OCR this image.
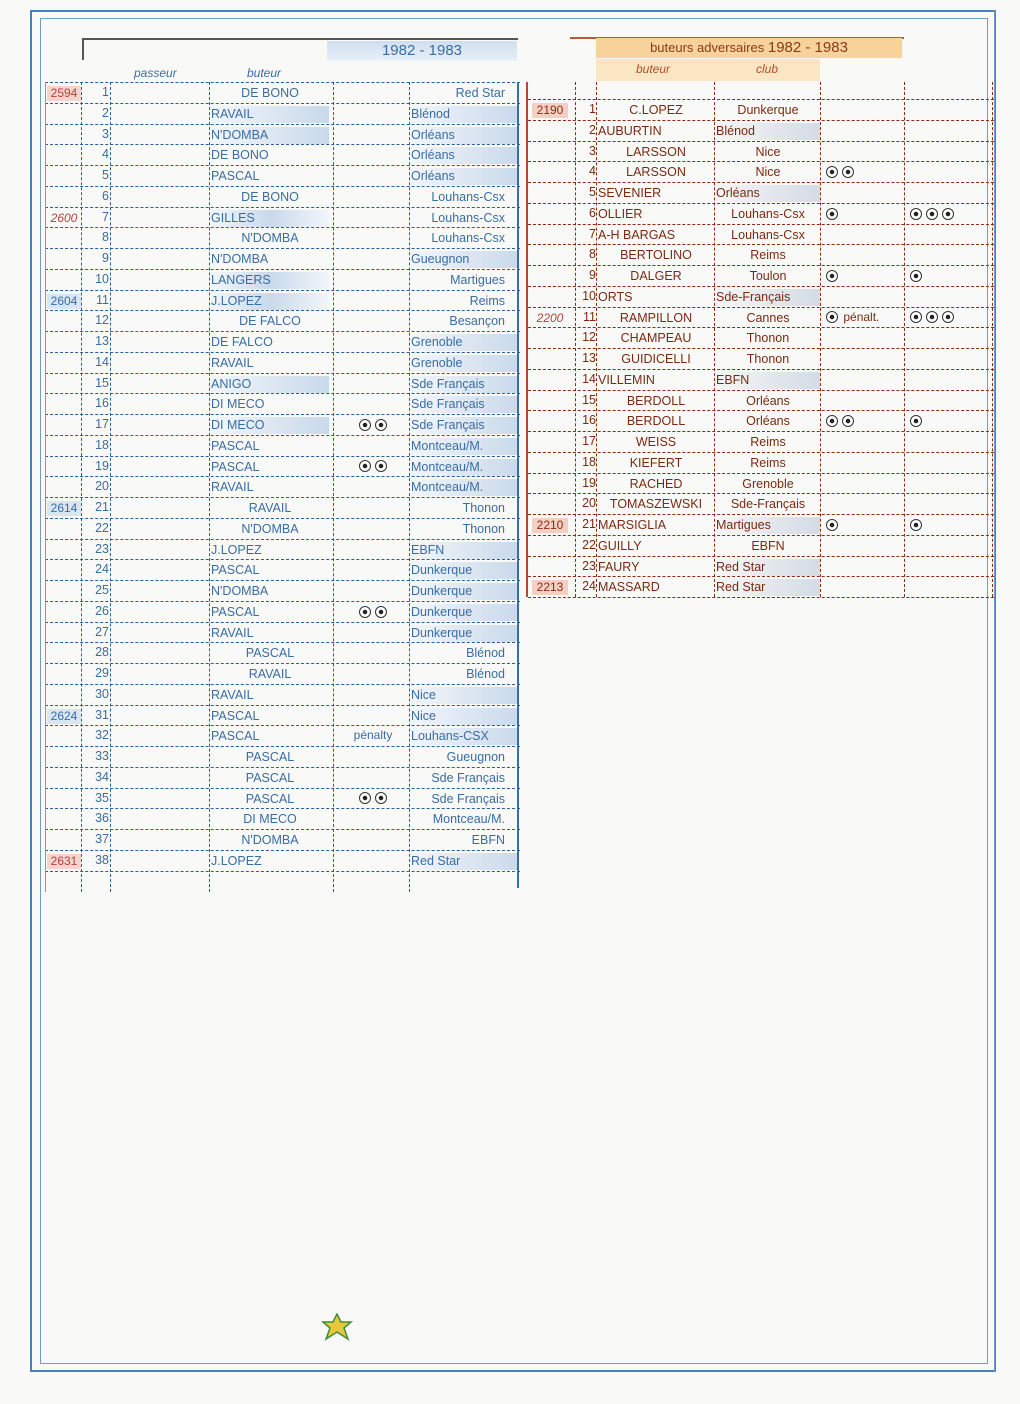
1982 - 1983
passeur	buteur
buteurs adversaires 1982 - 1983
buteur	club
2594	1	DE BONO	Red Star
2	RAVAIL	Blénod
3	N'DOMBA	Orléans
4	DE BONO	Orléans
5	PASCAL	Orléans
6	DE BONO	Louhans-Csx
2600	7	GILLES	Louhans-Csx
8	N'DOMBA	Louhans-Csx
9	N'DOMBA	Gueugnon
10	LANGERS	Martigues
2604	11	J.LOPEZ	Reims
12	DE FALCO	Besançon
13	DE FALCO	Grenoble
14	RAVAIL	Grenoble
15	ANIGO	Sde Français
16	DI MECO	Sde Français
17	DI MECO	Sde Français
18	PASCAL	Montceau/M.
19	PASCAL	Montceau/M.
20	RAVAIL	Montceau/M.
2614	21	RAVAIL	Thonon
22	N'DOMBA	Thonon
23	J.LOPEZ	EBFN
24	PASCAL	Dunkerque
25	N'DOMBA	Dunkerque
26	PASCAL	Dunkerque
27	RAVAIL	Dunkerque
28	PASCAL	Blénod
29	RAVAIL	Blénod
30	RAVAIL	Nice
2624	31	PASCAL	Nice
32	PASCAL	pénalty	Louhans-CSX
33	PASCAL	Gueugnon
34	PASCAL	Sde Français
35	PASCAL	Sde Français
36	DI MECO	Montceau/M.
37	N'DOMBA	EBFN
2631	38	J.LOPEZ	Red Star
2190	1	C.LOPEZ	Dunkerque
2 AUBURTIN	Blénod
3	LARSSON	Nice
4	LARSSON	Nice
5 SEVENIER	Orléans
6 OLLIER	Louhans-Csx
7 A-H BARGAS	Louhans-Csx
8	BERTOLINO	Reims
9	DALGER	Toulon
10 ORTS	Sde-Français
2200	11	RAMPILLON	Cannes	pénalt.
12	CHAMPEAU	Thonon
13	GUIDICELLI	Thonon
14 VILLEMIN	EBFN
15	BERDOLL	Orléans
16	BERDOLL	Orléans
17	WEISS	Reims
18	KIEFERT	Reims
19	RACHED	Grenoble
20	TOMASZEWSKI	Sde-Français
2210	21 MARSIGLIA	Martigues
22 GUILLY	EBFN
23 FAURY	Red Star
2213	24 MASSARD	Red Star
